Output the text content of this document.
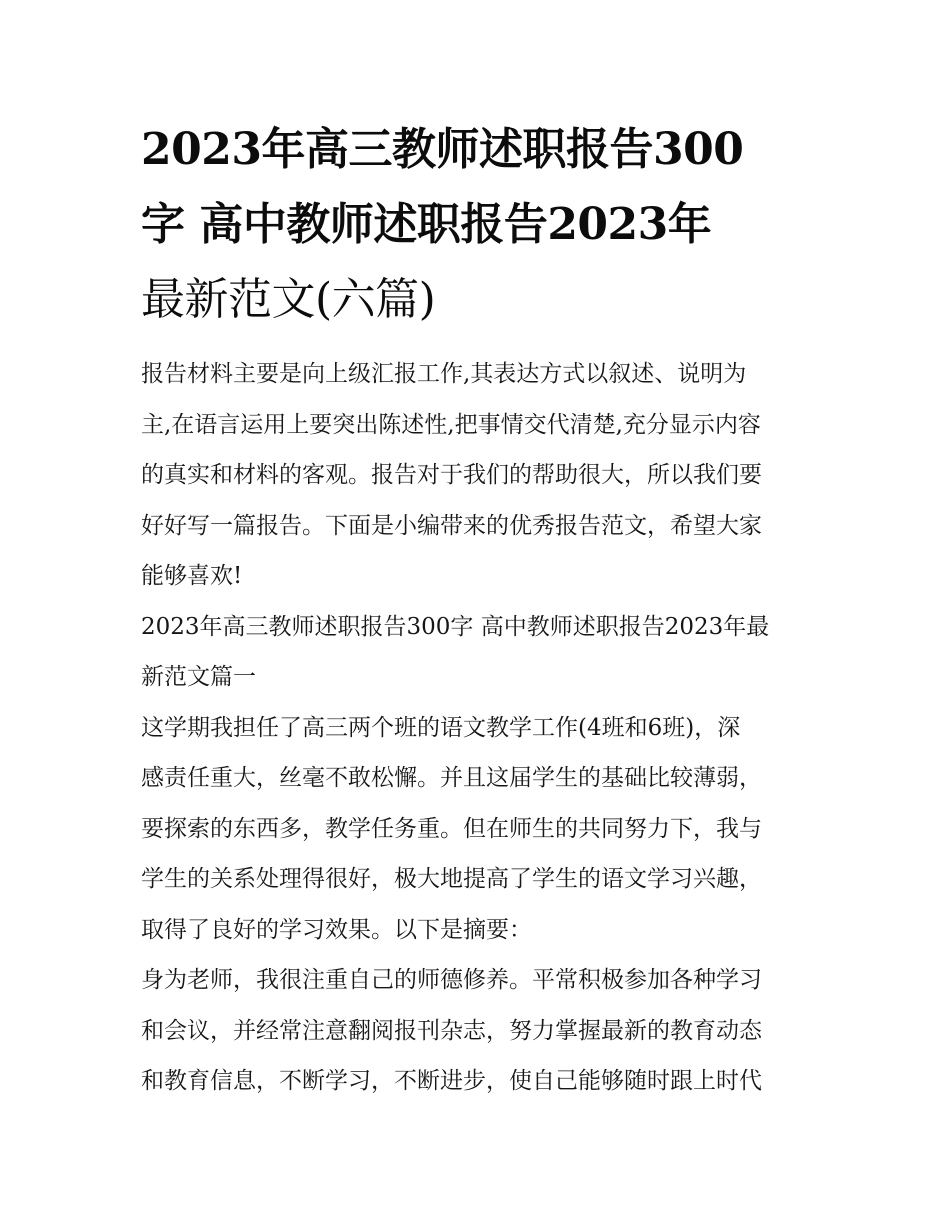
2023年高三教师述职报告300
字 高中教师述职报告2023年
最新范文(六篇)

报告材料主要是向上级汇报工作,其表达方式以叙述、说明为
主,在语言运用上要突出陈述性,把事情交代清楚,充分显示内容
的真实和材料的客观。报告对于我们的帮助很大，所以我们要
好好写一篇报告。下面是小编带来的优秀报告范文，希望大家
能够喜欢!

2023年高三教师述职报告300字 高中教师述职报告2023年最
新范文篇一

这学期我担任了高三两个班的语文教学工作(4班和6班)，深
感责任重大，丝毫不敢松懈。并且这届学生的基础比较薄弱，
要探索的东西多，教学任务重。但在师生的共同努力下，我与
学生的关系处理得很好，极大地提高了学生的语文学习兴趣，
取得了良好的学习效果。以下是摘要：

身为老师，我很注重自己的师德修养。平常积极参加各种学习
和会议，并经常注意翻阅报刊杂志，努力掌握最新的教育动态
和教育信息，不断学习，不断进步，使自己能够随时跟上时代
